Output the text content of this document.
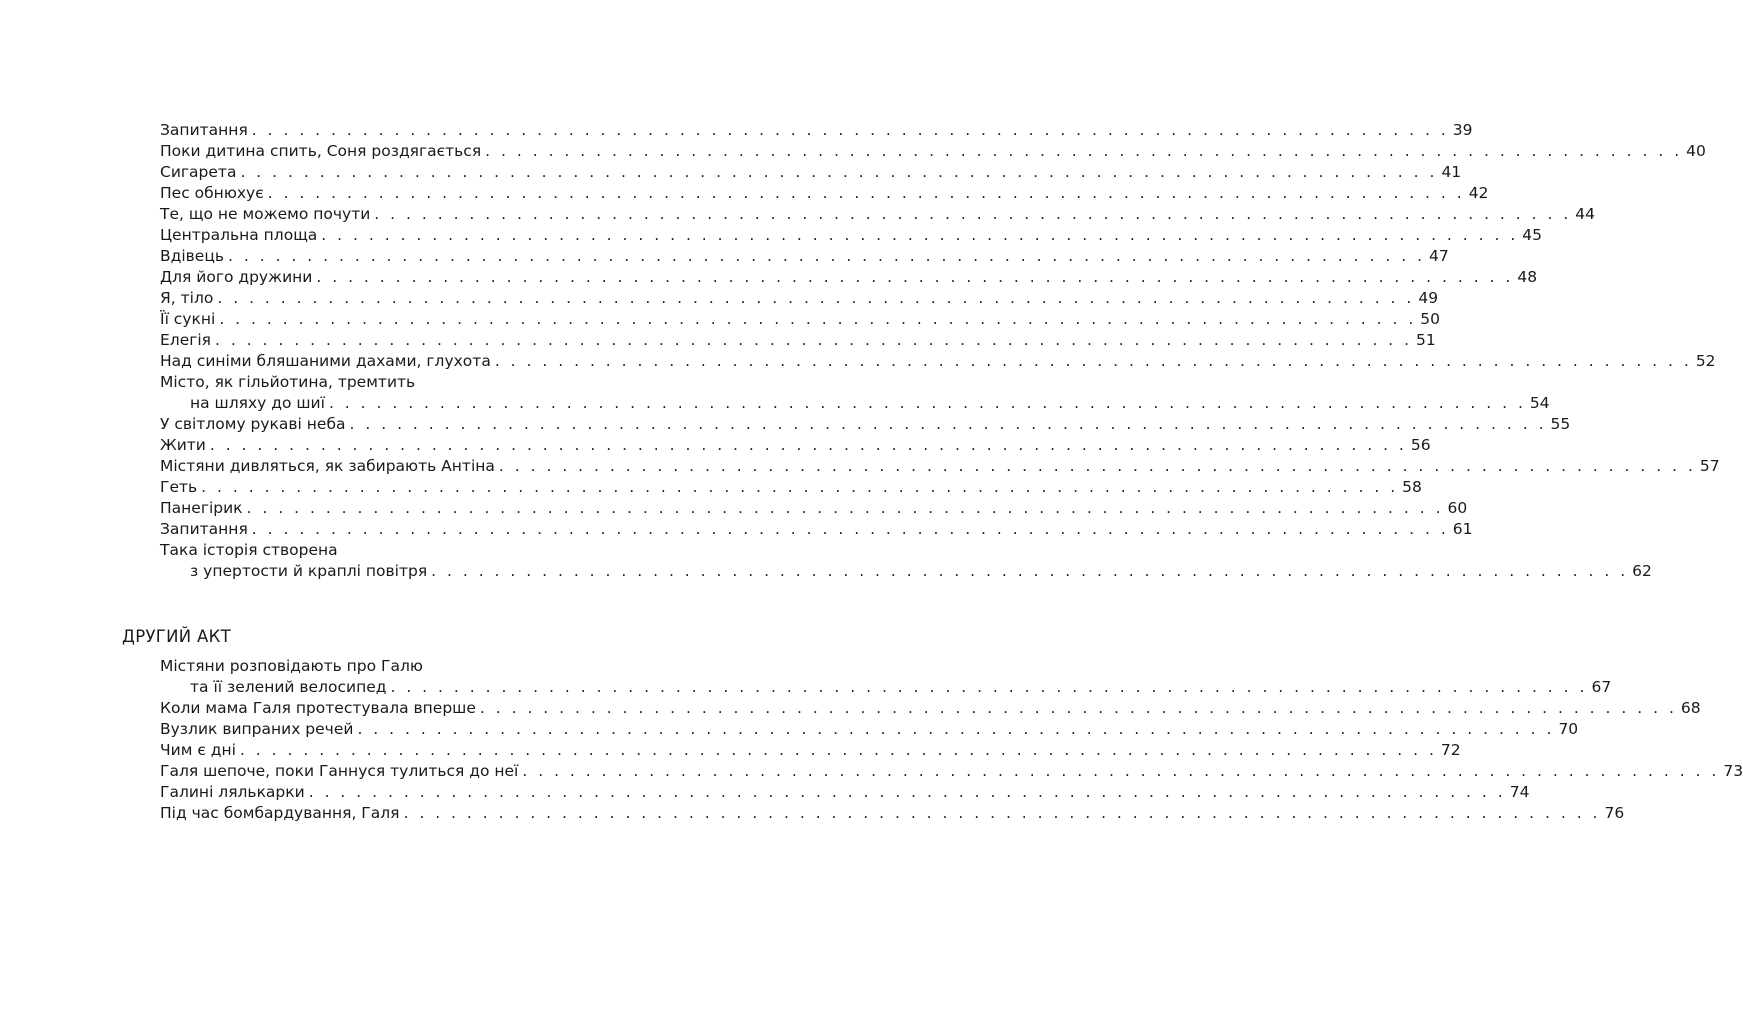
Запитання . . . . . . . . . . . . . . . . . . . . . . . . . . . . . . . . . . . . . . . . . . . . . . . . . . . . . . . . . . . . . . . . . . . . . . . . . . . . 39
Поки дитина спить, Соня роздягається . . . . . . . . . . . . . . . . . . . . . . . . . . . . . . . . . . . . . . . . . . . . . . . . . . . . . . . . . . . . . . . . . . . . . . . . . . . . 40
Сигарета . . . . . . . . . . . . . . . . . . . . . . . . . . . . . . . . . . . . . . . . . . . . . . . . . . . . . . . . . . . . . . . . . . . . . . . . . . . . 41
Пес обнюхує . . . . . . . . . . . . . . . . . . . . . . . . . . . . . . . . . . . . . . . . . . . . . . . . . . . . . . . . . . . . . . . . . . . . . . . . . . . . 42
Те, що не можемо почути . . . . . . . . . . . . . . . . . . . . . . . . . . . . . . . . . . . . . . . . . . . . . . . . . . . . . . . . . . . . . . . . . . . . . . . . . . . . 44
Центральна площа . . . . . . . . . . . . . . . . . . . . . . . . . . . . . . . . . . . . . . . . . . . . . . . . . . . . . . . . . . . . . . . . . . . . . . . . . . . . 45
Вдівець . . . . . . . . . . . . . . . . . . . . . . . . . . . . . . . . . . . . . . . . . . . . . . . . . . . . . . . . . . . . . . . . . . . . . . . . . . . . 47
Для його дружини . . . . . . . . . . . . . . . . . . . . . . . . . . . . . . . . . . . . . . . . . . . . . . . . . . . . . . . . . . . . . . . . . . . . . . . . . . . . 48
Я, тіло . . . . . . . . . . . . . . . . . . . . . . . . . . . . . . . . . . . . . . . . . . . . . . . . . . . . . . . . . . . . . . . . . . . . . . . . . . . . 49
Її сукні . . . . . . . . . . . . . . . . . . . . . . . . . . . . . . . . . . . . . . . . . . . . . . . . . . . . . . . . . . . . . . . . . . . . . . . . . . . . 50
Елегія . . . . . . . . . . . . . . . . . . . . . . . . . . . . . . . . . . . . . . . . . . . . . . . . . . . . . . . . . . . . . . . . . . . . . . . . . . . . 51
Над синіми бляшаними дахами, глухота . . . . . . . . . . . . . . . . . . . . . . . . . . . . . . . . . . . . . . . . . . . . . . . . . . . . . . . . . . . . . . . . . . . . . . . . . . . . 52
Місто, як гільйотина, тремтить
на шляху до шиї . . . . . . . . . . . . . . . . . . . . . . . . . . . . . . . . . . . . . . . . . . . . . . . . . . . . . . . . . . . . . . . . . . . . . . . . . . . . 54
У світлому рукаві неба . . . . . . . . . . . . . . . . . . . . . . . . . . . . . . . . . . . . . . . . . . . . . . . . . . . . . . . . . . . . . . . . . . . . . . . . . . . . 55
Жити . . . . . . . . . . . . . . . . . . . . . . . . . . . . . . . . . . . . . . . . . . . . . . . . . . . . . . . . . . . . . . . . . . . . . . . . . . . . 56
Містяни дивляться, як забирають Антіна . . . . . . . . . . . . . . . . . . . . . . . . . . . . . . . . . . . . . . . . . . . . . . . . . . . . . . . . . . . . . . . . . . . . . . . . . . . . 57
Геть . . . . . . . . . . . . . . . . . . . . . . . . . . . . . . . . . . . . . . . . . . . . . . . . . . . . . . . . . . . . . . . . . . . . . . . . . . . . 58
Панегірик . . . . . . . . . . . . . . . . . . . . . . . . . . . . . . . . . . . . . . . . . . . . . . . . . . . . . . . . . . . . . . . . . . . . . . . . . . . . 60
Запитання . . . . . . . . . . . . . . . . . . . . . . . . . . . . . . . . . . . . . . . . . . . . . . . . . . . . . . . . . . . . . . . . . . . . . . . . . . . . 61
Така історія створена
з упертости й краплі повітря . . . . . . . . . . . . . . . . . . . . . . . . . . . . . . . . . . . . . . . . . . . . . . . . . . . . . . . . . . . . . . . . . . . . . . . . . . . . 62
ДРУГИЙ АКТ
Містяни розповідають про Галю
та її зелений велосипед . . . . . . . . . . . . . . . . . . . . . . . . . . . . . . . . . . . . . . . . . . . . . . . . . . . . . . . . . . . . . . . . . . . . . . . . . . . . 67
Коли мама Галя протестувала вперше . . . . . . . . . . . . . . . . . . . . . . . . . . . . . . . . . . . . . . . . . . . . . . . . . . . . . . . . . . . . . . . . . . . . . . . . . . . . 68
Вузлик випраних речей . . . . . . . . . . . . . . . . . . . . . . . . . . . . . . . . . . . . . . . . . . . . . . . . . . . . . . . . . . . . . . . . . . . . . . . . . . . . 70
Чим є дні . . . . . . . . . . . . . . . . . . . . . . . . . . . . . . . . . . . . . . . . . . . . . . . . . . . . . . . . . . . . . . . . . . . . . . . . . . . . 72
Галя шепоче, поки Ганнуся тулиться до неї . . . . . . . . . . . . . . . . . . . . . . . . . . . . . . . . . . . . . . . . . . . . . . . . . . . . . . . . . . . . . . . . . . . . . . . . . . . . 73
Галині лялькарки . . . . . . . . . . . . . . . . . . . . . . . . . . . . . . . . . . . . . . . . . . . . . . . . . . . . . . . . . . . . . . . . . . . . . . . . . . . . 74
Під час бомбардування, Галя . . . . . . . . . . . . . . . . . . . . . . . . . . . . . . . . . . . . . . . . . . . . . . . . . . . . . . . . . . . . . . . . . . . . . . . . . . . . 76
